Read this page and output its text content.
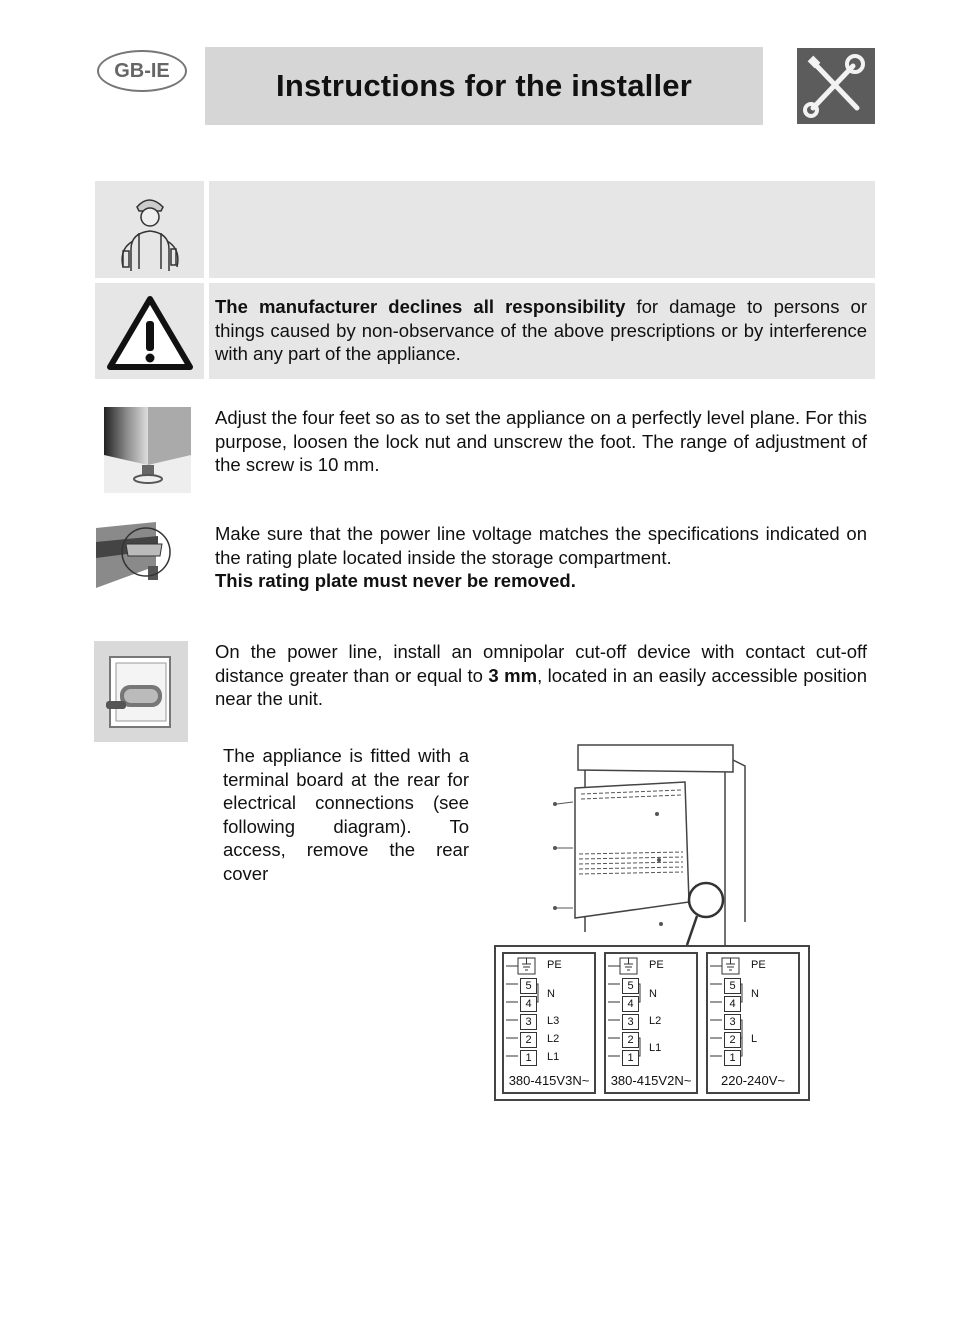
GB-IE	Instructions for the installer
The manufacturer declines all responsibility for damage to persons or things caused by non-observance of the above prescriptions or by interference with any part of the appliance.
Adjust the four feet so as to set the appliance on a perfectly level plane. For this purpose, loosen the lock nut and unscrew the foot. The range of adjustment of the screw is 10 mm.
Make sure that the power line voltage matches the specifications indicated on the rating plate located inside the storage compartment.
This rating plate must never be removed.
On the power line, install an omnipolar cut-off device with contact cut-off distance greater than or equal to 3 mm, located in an easily accessible position near the unit.
The appliance is fitted with a terminal board at the rear for electrical connections (see following diagram). To access, remove the rear cover
5
4
3
2
1
PE
N
L3
L2
L1
380-415V3N~
5
4
3
2
1
PE
N
L2
L1
380-415V2N~
5
4
3
2
1
PE
N
L
220-240V~
